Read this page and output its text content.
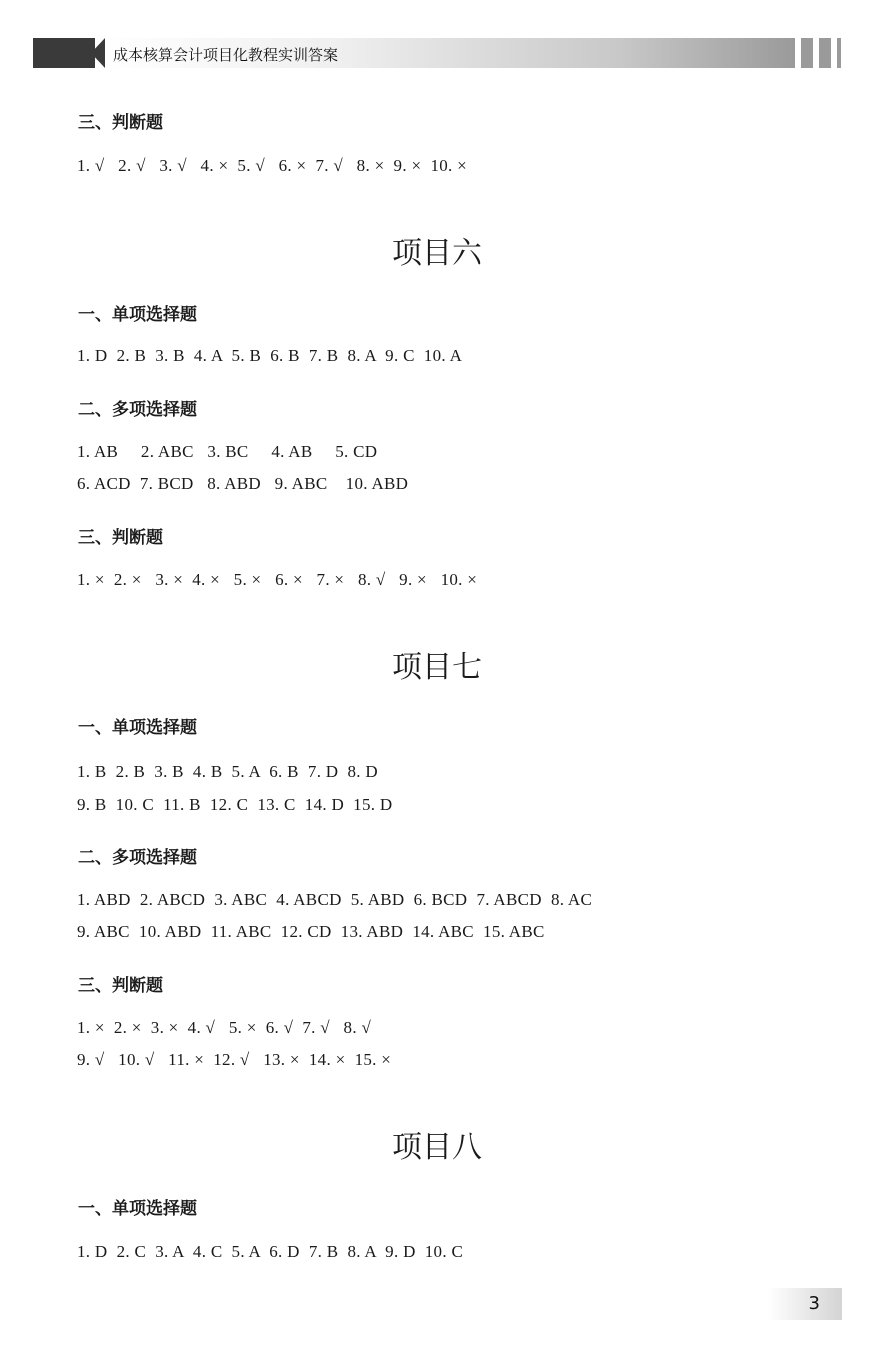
成本核算会计项目化教程实训答案
三、判断题
1. √   2. √   3. √   4. ×  5. √   6. ×  7. √   8. ×  9. ×  10. ×
项目六
一、单项选择题
1. D  2. B  3. B  4. A  5. B  6. B  7. B  8. A  9. C  10. A
二、多项选择题
1. AB     2. ABC   3. BC     4. AB     5. CD
6. ACD  7. BCD   8. ABD   9. ABC    10. ABD
三、判断题
1. ×  2. ×   3. ×  4. ×   5. ×   6. ×   7. ×   8. √   9. ×   10. ×
项目七
一、单项选择题
1. B  2. B  3. B  4. B  5. A  6. B  7. D  8. D
9. B  10. C  11. B  12. C  13. C  14. D  15. D
二、多项选择题
1. ABD  2. ABCD  3. ABC  4. ABCD  5. ABD  6. BCD  7. ABCD  8. AC
9. ABC  10. ABD  11. ABC  12. CD  13. ABD  14. ABC  15. ABC
三、判断题
1. ×  2. ×  3. ×  4. √   5. ×  6. √  7. √   8. √
9. √   10. √   11. ×  12. √   13. ×  14. ×  15. ×
项目八
一、单项选择题
1. D  2. C  3. A  4. C  5. A  6. D  7. B  8. A  9. D  10. C
3
